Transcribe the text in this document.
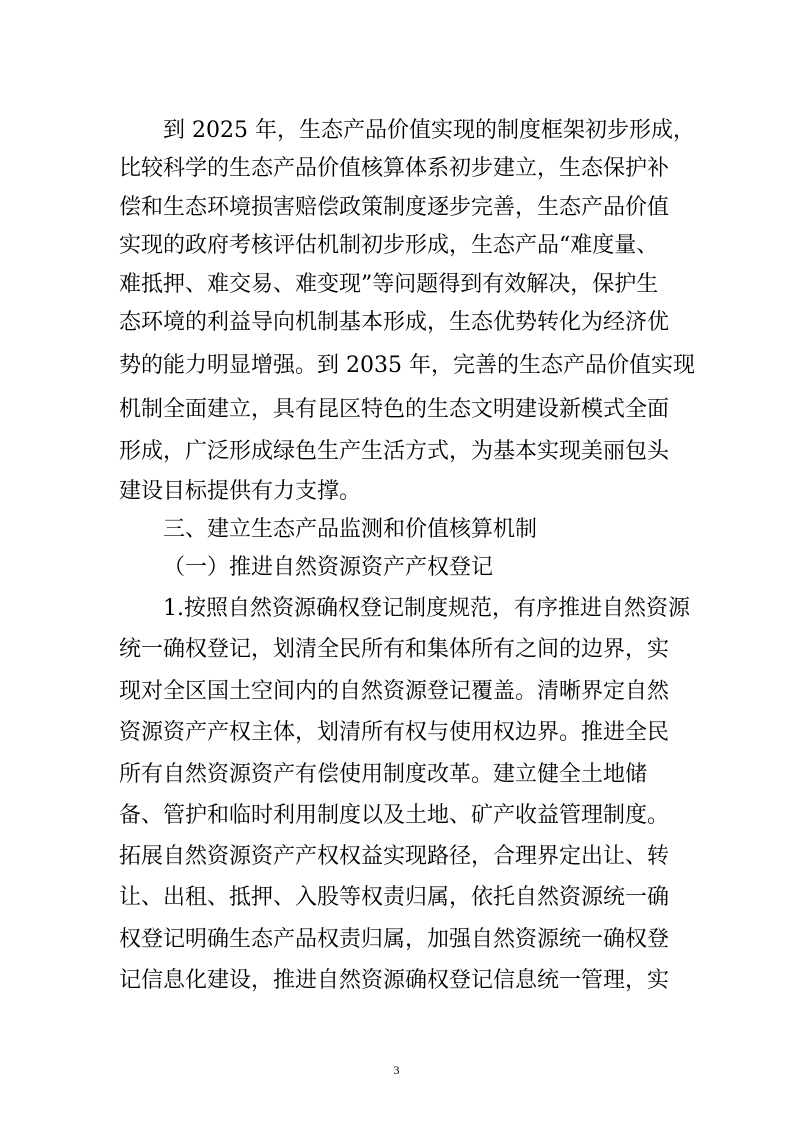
到 2025 年，生态产品价值实现的制度框架初步形成，
比较科学的生态产品价值核算体系初步建立，生态保护补
偿和生态环境损害赔偿政策制度逐步完善，生态产品价值
实现的政府考核评估机制初步形成，生态产品“难度量、
难抵押、难交易、难变现”等问题得到有效解决，保护生
态环境的利益导向机制基本形成，生态优势转化为经济优
势的能力明显增强。到 2035 年，完善的生态产品价值实现
机制全面建立，具有昆区特色的生态文明建设新模式全面
形成，广泛形成绿色生产生活方式，为基本实现美丽包头
建设目标提供有力支撑。
三、建立生态产品监测和价值核算机制
（一）推进自然资源资产产权登记
1.按照自然资源确权登记制度规范，有序推进自然资源
统一确权登记，划清全民所有和集体所有之间的边界，实
现对全区国土空间内的自然资源登记覆盖。清晰界定自然
资源资产产权主体，划清所有权与使用权边界。推进全民
所有自然资源资产有偿使用制度改革。建立健全土地储
备、管护和临时利用制度以及土地、矿产收益管理制度。
拓展自然资源资产产权权益实现路径，合理界定出让、转
让、出租、抵押、入股等权责归属，依托自然资源统一确
权登记明确生态产品权责归属，加强自然资源统一确权登
记信息化建设，推进自然资源确权登记信息统一管理，实
3
